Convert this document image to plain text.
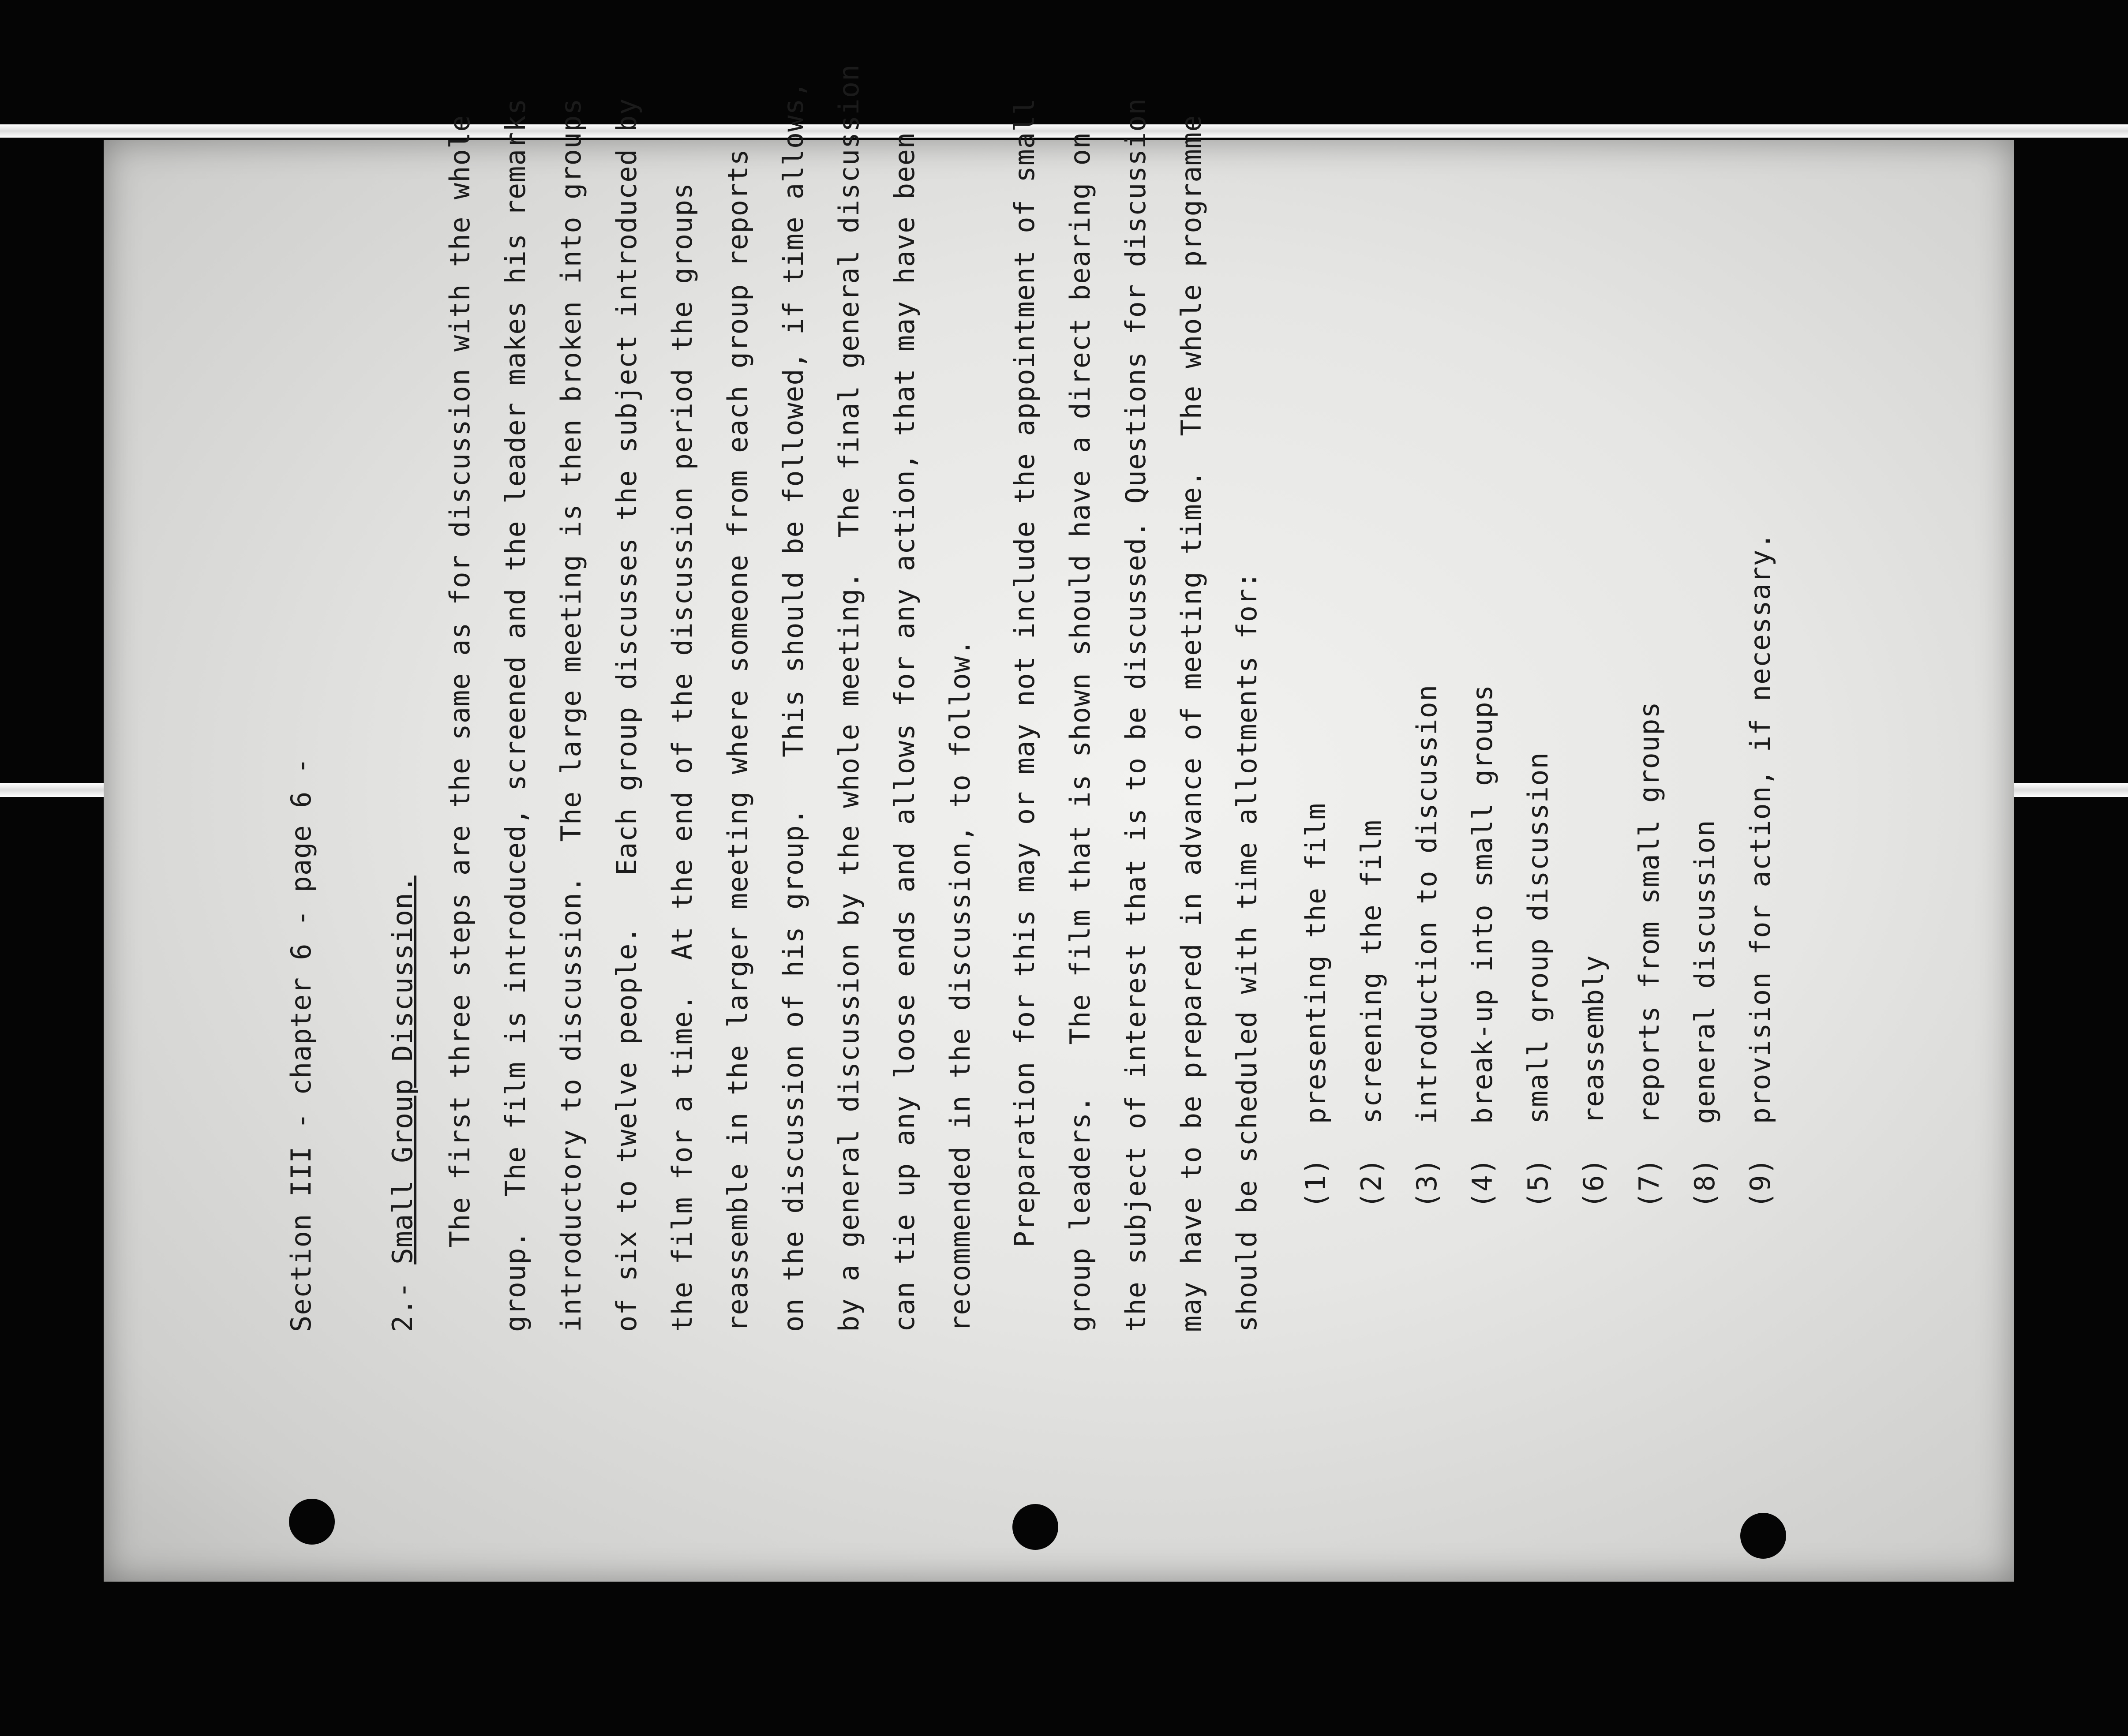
Section III - chapter 6 - page 6 -	2.- Small Group Discussion. The first three steps are the same as for discussion with the whole group.  The film is introduced, screened and the leader makes his remarks introductory to discussion.  The large meeting is then broken into groups of six to twelve people.   Each group discusses the subject introduced by the film for a time.  At the end of the discussion period the groups reassemble in the larger meeting where someone from each group reports on the discussion of his group.   This should be followed, if time allows, by a general discussion by the whole meeting.  The final general discussion can tie up any loose ends and allows for any action, that may have been recommended in the discussion, to follow.	Preparation for this may or may not include the appointment of small group leaders.   The film that is shown should have a direct bearing on the subject of interest that is to be discussed. Questions for discussion may have to be prepared in advance of meeting time.  The whole programme should be scheduled with time allotments for:	(1)  presenting the film (2)  screening the film (3)  introduction to discussion (4)  break-up into small groups (5)  small group discussion (6)  reassembly (7)  reports from small groups (8)  general discussion (9)  provision for action, if necessary.
